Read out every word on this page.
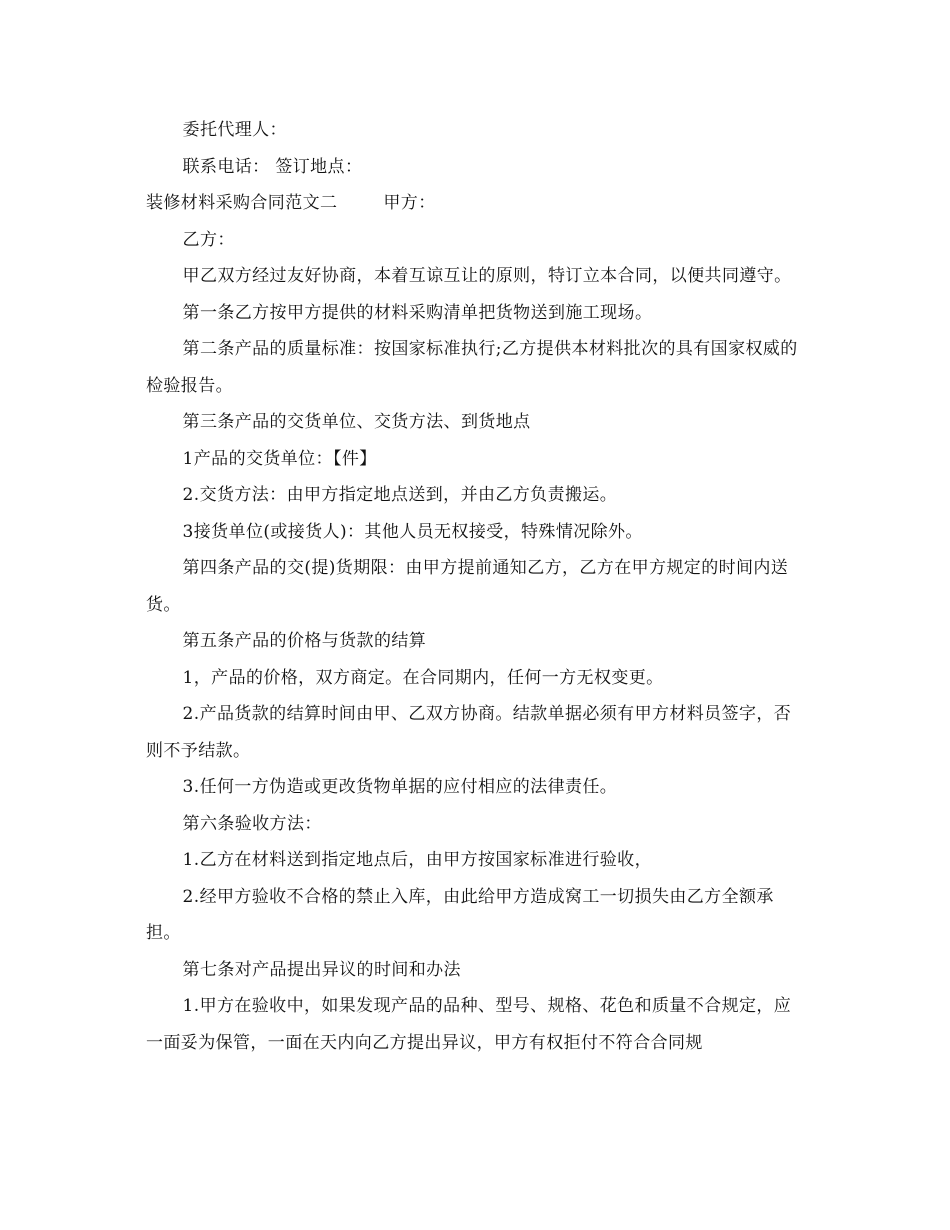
委托代理人：

联系电话： 签订地点：

装修材料采购合同范文二	甲方：

乙方：

甲乙双方经过友好协商，本着互谅互让的原则，特订立本合同，以便共同遵守。

第一条乙方按甲方提供的材料采购清单把货物送到施工现场。

第二条产品的质量标准：按国家标准执行;乙方提供本材料批次的具有国家权威的检验报告。

第三条产品的交货单位、交货方法、到货地点

1产品的交货单位：【件】

2.交货方法：由甲方指定地点送到，并由乙方负责搬运。

3接货单位(或接货人)：其他人员无权接受，特殊情况除外。

第四条产品的交(提)货期限：由甲方提前通知乙方，乙方在甲方规定的时间内送货。

第五条产品的价格与货款的结算

1，产品的价格，双方商定。在合同期内，任何一方无权变更。

2.产品货款的结算时间由甲、乙双方协商。结款单据必须有甲方材料员签字，否则不予结款。

3.任何一方伪造或更改货物单据的应付相应的法律责任。

第六条验收方法：

1.乙方在材料送到指定地点后，由甲方按国家标准进行验收，

2.经甲方验收不合格的禁止入库，由此给甲方造成窝工一切损失由乙方全额承担。

第七条对产品提出异议的时间和办法

1.甲方在验收中，如果发现产品的品种、型号、规格、花色和质量不合规定，应一面妥为保管，一面在天内向乙方提出异议，甲方有权拒付不符合合同规
